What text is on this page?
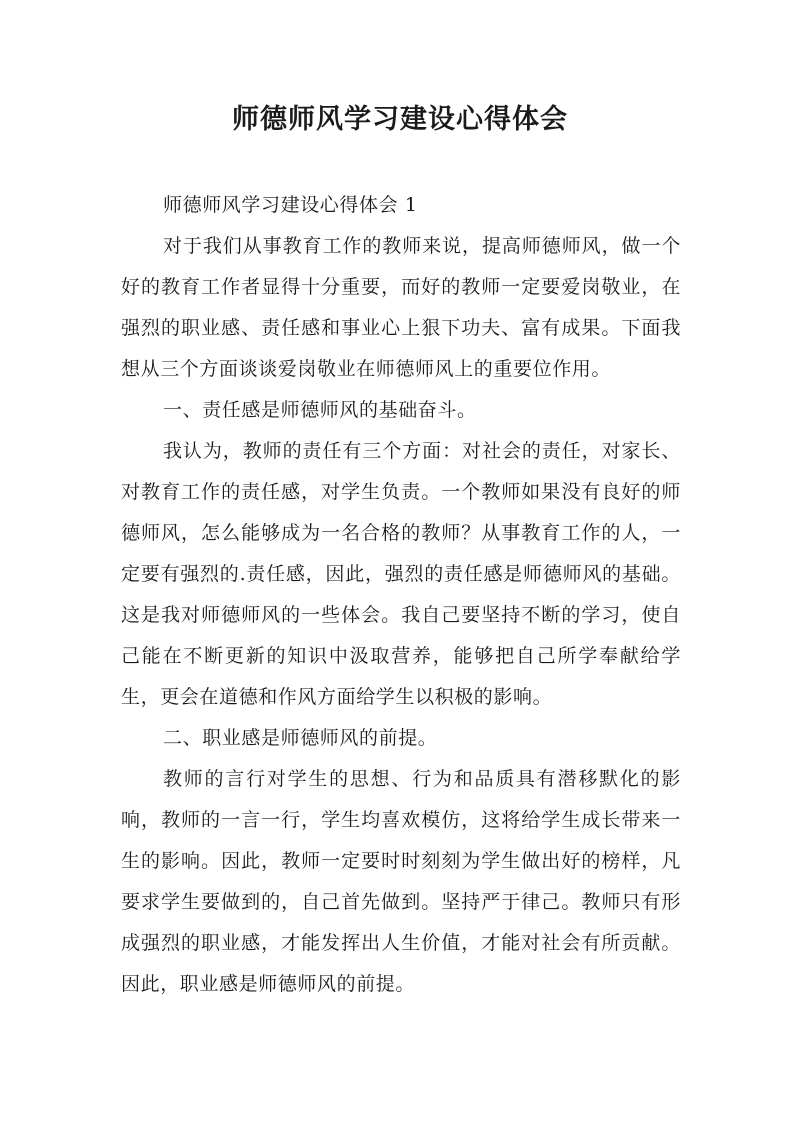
师德师风学习建设心得体会

师德师风学习建设心得体会 1

对于我们从事教育工作的教师来说，提高师德师风，做一个好的教育工作者显得十分重要，而好的教师一定要爱岗敬业，在强烈的职业感、责任感和事业心上狠下功夫、富有成果。下面我想从三个方面谈谈爱岗敬业在师德师风上的重要位作用。

一、责任感是师德师风的基础奋斗。

我认为，教师的责任有三个方面：对社会的责任，对家长、对教育工作的责任感，对学生负责。一个教师如果没有良好的师德师风，怎么能够成为一名合格的教师？从事教育工作的人，一定要有强烈的.责任感，因此，强烈的责任感是师德师风的基础。这是我对师德师风的一些体会。我自己要坚持不断的学习，使自己能在不断更新的知识中汲取营养，能够把自己所学奉献给学生，更会在道德和作风方面给学生以积极的影响。

二、职业感是师德师风的前提。

教师的言行对学生的思想、行为和品质具有潜移默化的影响，教师的一言一行，学生均喜欢模仿，这将给学生成长带来一生的影响。因此，教师一定要时时刻刻为学生做出好的榜样，凡要求学生要做到的，自己首先做到。坚持严于律己。教师只有形成强烈的职业感，才能发挥出人生价值，才能对社会有所贡献。因此，职业感是师德师风的前提。
